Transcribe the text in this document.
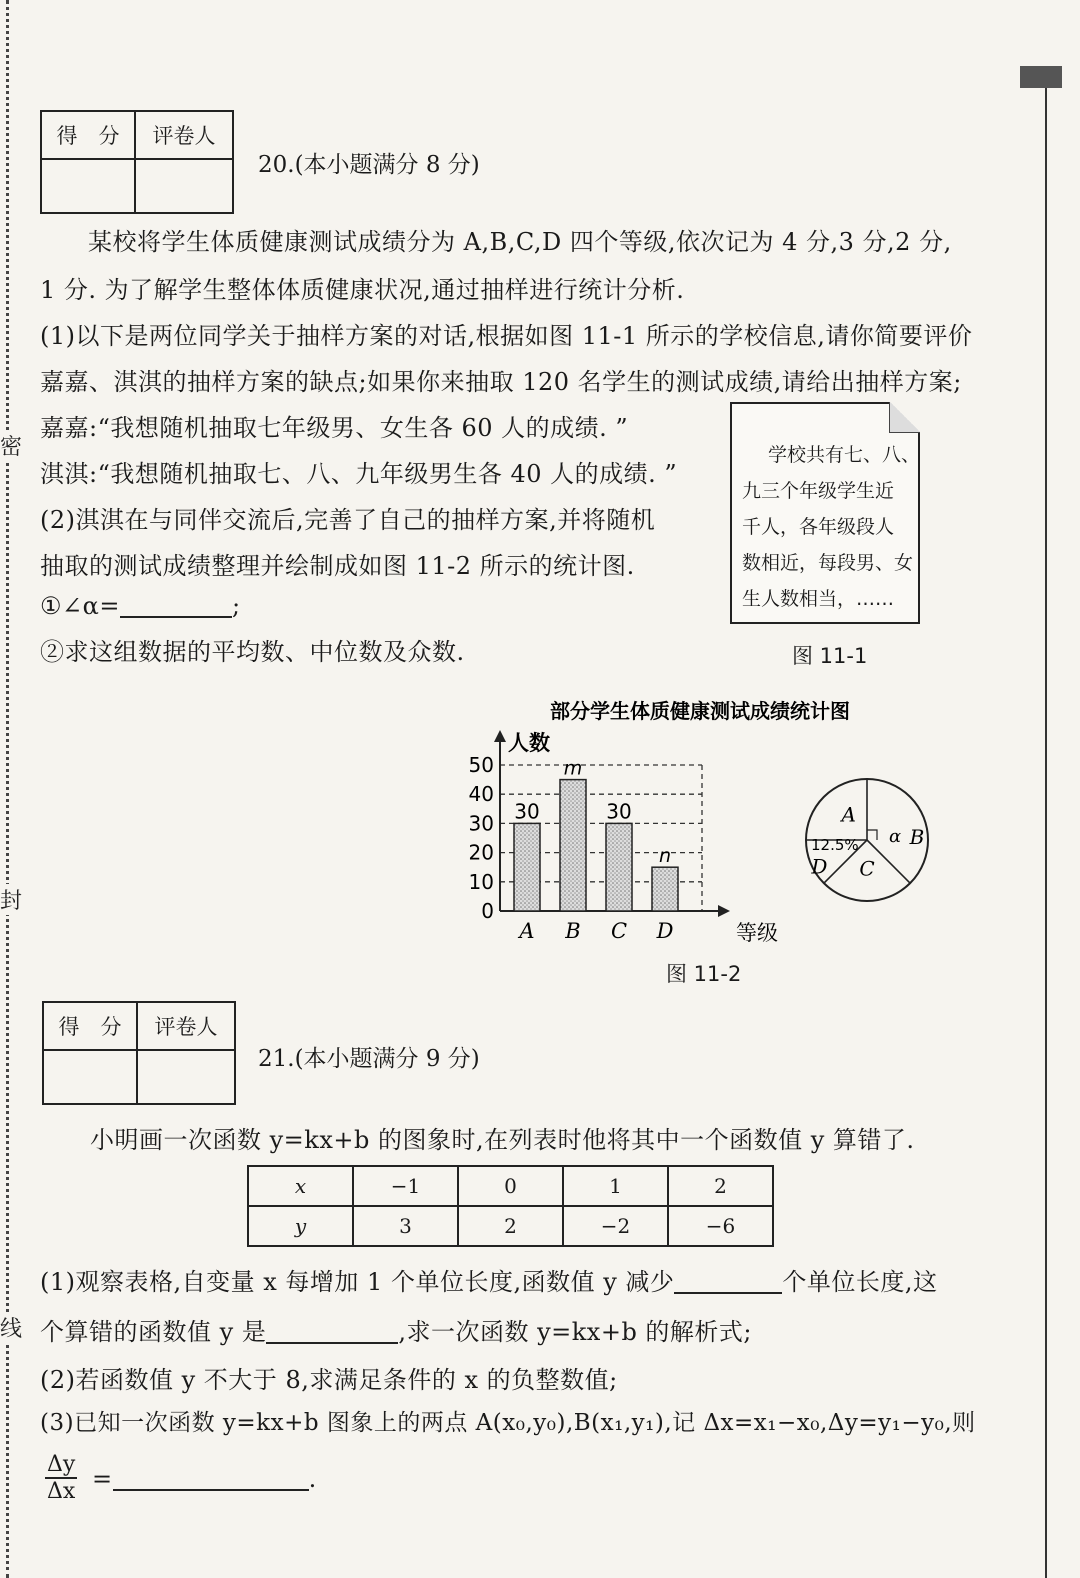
密
封
线
得　分	评卷人

20.(本小题满分 8 分)
某校将学生体质健康测试成绩分为 A,B,C,D 四个等级,依次记为 4 分,3 分,2 分,
1 分. 为了解学生整体体质健康状况,通过抽样进行统计分析.
(1)以下是两位同学关于抽样方案的对话,根据如图 11-1 所示的学校信息,请你简要评价
嘉嘉、淇淇的抽样方案的缺点;如果你来抽取 120 名学生的测试成绩,请给出抽样方案;
嘉嘉:“我想随机抽取七年级男、女生各 60 人的成绩. ”
淇淇:“我想随机抽取七、八、九年级男生各 40 人的成绩. ”
(2)淇淇在与同伴交流后,完善了自己的抽样方案,并将随机
抽取的测试成绩整理并绘制成如图 11-2 所示的统计图.
①∠α=	;
②求这组数据的平均数、中位数及众数.
学校共有七、八、
九三个年级学生近
千人，各年级段人
数相近，每段男、女
生人数相当，……
图 11-1
部分学生体质健康测试成绩统计图
0
10
20
30
40
50
人数
等级
30
A
m
B
30
C
n
D
B
C
D
A
α
12.5%
图 11-2
得　分	评卷人

21.(本小题满分 9 分)
小明画一次函数 y=kx+b 的图象时,在列表时他将其中一个函数值 y 算错了.
x	−1	0	1	2
y	3	2	−2	−6
(1)观察表格,自变量 x 每增加 1 个单位长度,函数值 y 减少	个单位长度,这
个算错的函数值 y 是	,求一次函数 y=kx+b 的解析式;
(2)若函数值 y 不大于 8,求满足条件的 x 的负整数值;
(3)已知一次函数 y=kx+b 图象上的两点 A(x₀,y₀),B(x₁,y₁),记 Δx=x₁−x₀,Δy=y₁−y₀,则
$\frac{\Delta y}{\Delta x}$ =	.
